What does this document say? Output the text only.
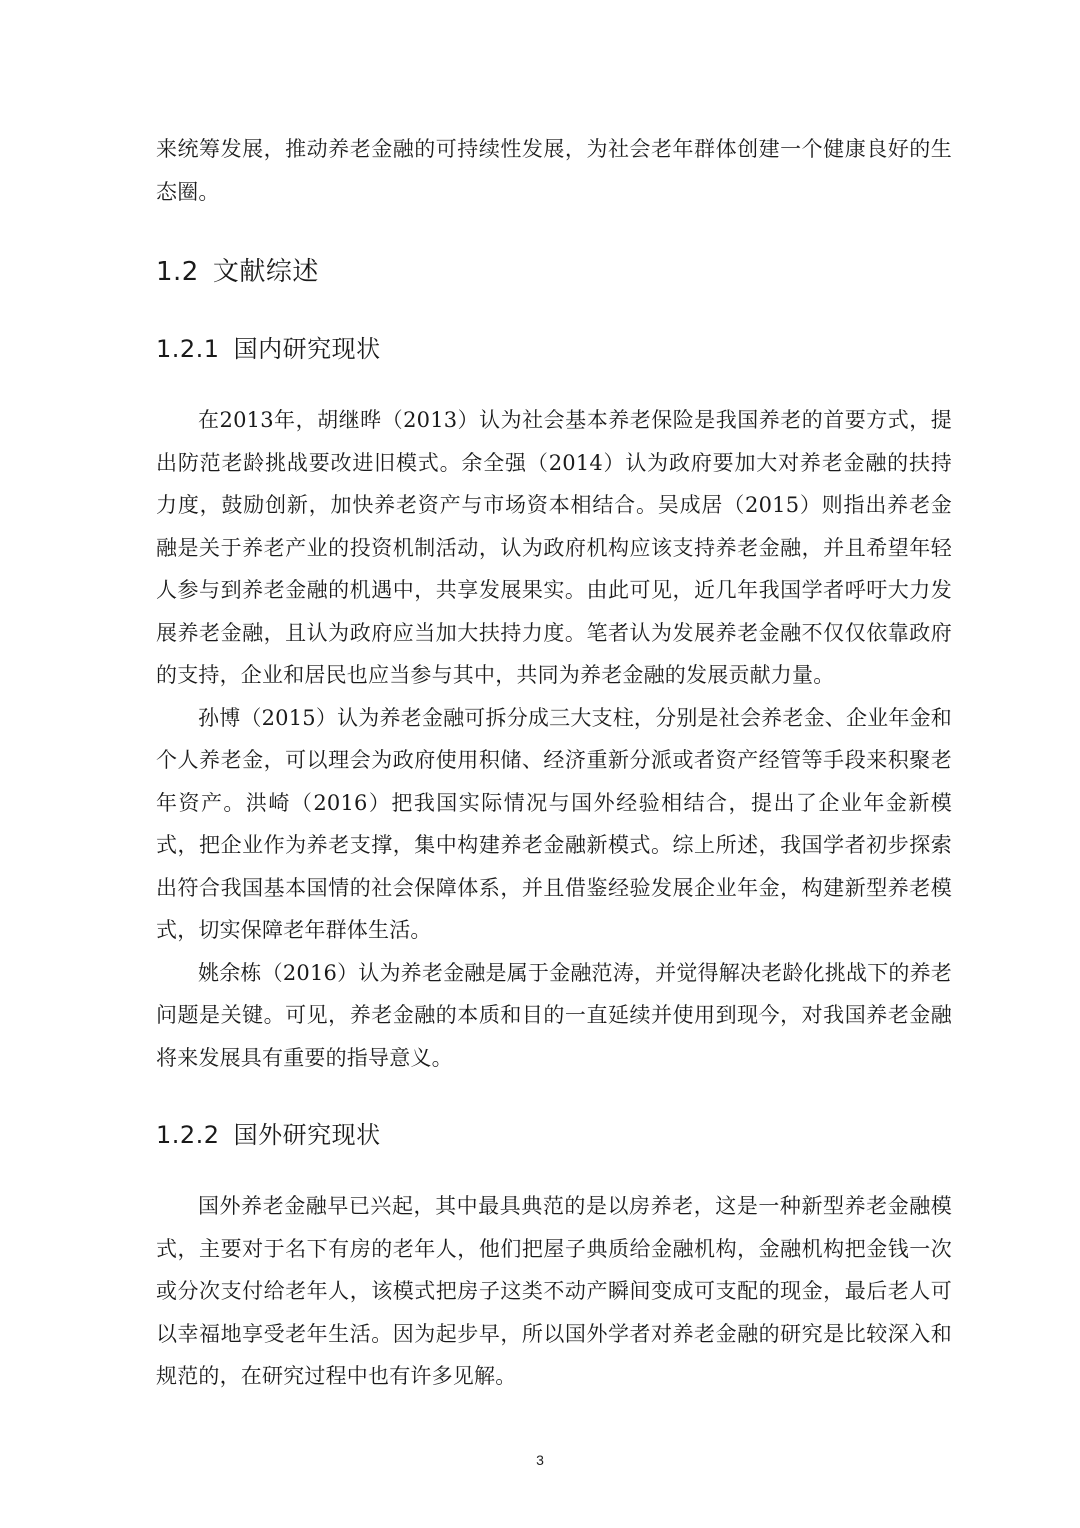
来统筹发展，推动养老金融的可持续性发展，为社会老年群体创建一个健康良好的生态圈。

1.2 文献综述
1.2.1 国内研究现状

在2013年，胡继晔（2013）认为社会基本养老保险是我国养老的首要方式，提出防范老龄挑战要改进旧模式。余全强（2014）认为政府要加大对养老金融的扶持力度，鼓励创新，加快养老资产与市场资本相结合。吴成居（2015）则指出养老金融是关于养老产业的投资机制活动，认为政府机构应该支持养老金融，并且希望年轻人参与到养老金融的机遇中，共享发展果实。由此可见，近几年我国学者呼吁大力发展养老金融，且认为政府应当加大扶持力度。笔者认为发展养老金融不仅仅依靠政府的支持，企业和居民也应当参与其中，共同为养老金融的发展贡献力量。

孙博（2015）认为养老金融可拆分成三大支柱，分别是社会养老金、企业年金和个人养老金，可以理会为政府使用积储、经济重新分派或者资产经管等手段来积聚老年资产。洪崎（2016）把我国实际情况与国外经验相结合，提出了企业年金新模式，把企业作为养老支撑，集中构建养老金融新模式。综上所述，我国学者初步探索出符合我国基本国情的社会保障体系，并且借鉴经验发展企业年金，构建新型养老模式，切实保障老年群体生活。

姚余栋（2016）认为养老金融是属于金融范涛，并觉得解决老龄化挑战下的养老问题是关键。可见，养老金融的本质和目的一直延续并使用到现今，对我国养老金融将来发展具有重要的指导意义。

1.2.2 国外研究现状

国外养老金融早已兴起，其中最具典范的是以房养老，这是一种新型养老金融模式，主要对于名下有房的老年人，他们把屋子典质给金融机构，金融机构把金钱一次或分次支付给老年人，该模式把房子这类不动产瞬间变成可支配的现金，最后老人可以幸福地享受老年生活。因为起步早，所以国外学者对养老金融的研究是比较深入和规范的，在研究过程中也有许多见解。

3
